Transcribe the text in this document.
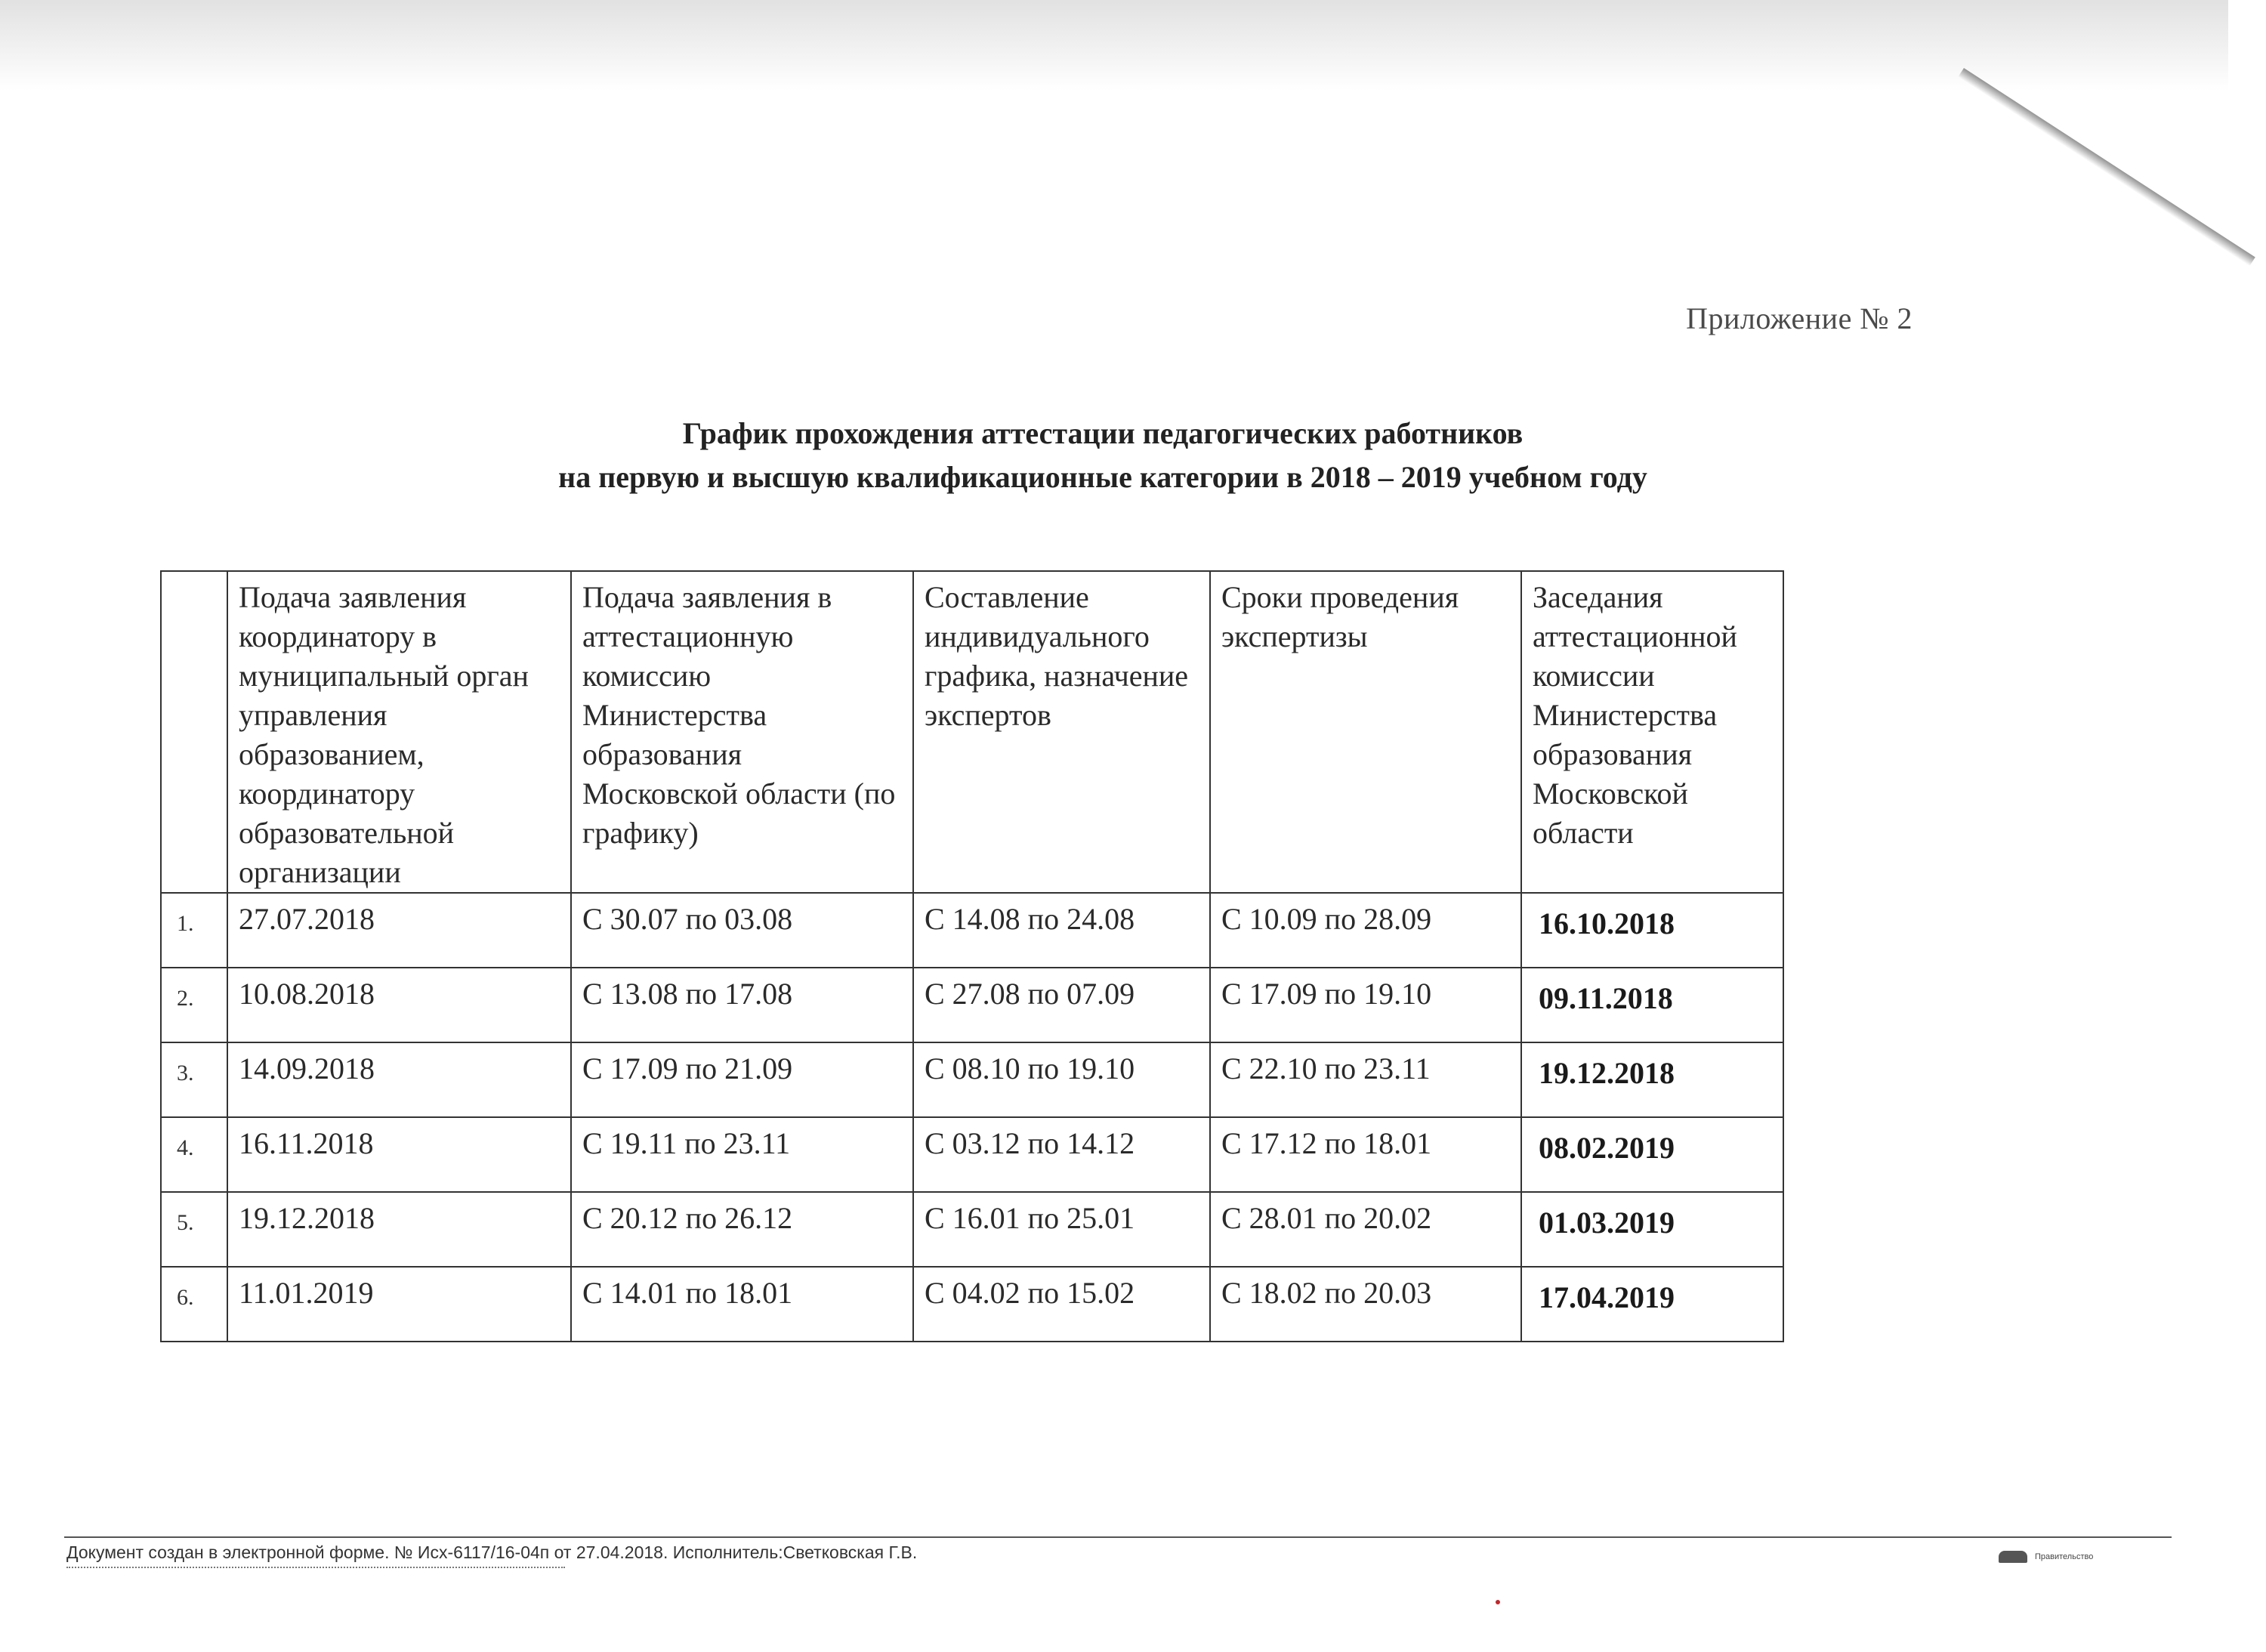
Приложение № 2
График прохождения аттестации педагогических работников
на первую и высшую квалификационные категории в 2018 – 2019 учебном году
	Подача заявления координатору в муниципальный орган управления образованием, координатору образовательной организации	Подача заявления в аттестационную комиссию Министерства образования Московской области (по графику)	Составление индивидуального графика, назначение экспертов	Сроки проведения экспертизы	Заседания аттестационной комиссии Министерства образования Московской области
1.	27.07.2018	С 30.07 по 03.08	С 14.08 по 24.08	С 10.09 по 28.09	16.10.2018
2.	10.08.2018	С 13.08 по 17.08	С 27.08 по 07.09	С 17.09 по 19.10	09.11.2018
3.	14.09.2018	С 17.09 по 21.09	С 08.10 по 19.10	С 22.10 по 23.11	19.12.2018
4.	16.11.2018	С 19.11 по 23.11	С 03.12 по 14.12	С 17.12 по 18.01	08.02.2019
5.	19.12.2018	С 20.12 по 26.12	С 16.01 по 25.01	С 28.01 по 20.02	01.03.2019
6.	11.01.2019	С 14.01 по 18.01	С 04.02 по 15.02	С 18.02 по 20.03	17.04.2019
Документ создан в электронной форме. № Исх-6117/16-04п от 27.04.2018. Исполнитель:Светковская Г.В.	Правительство
